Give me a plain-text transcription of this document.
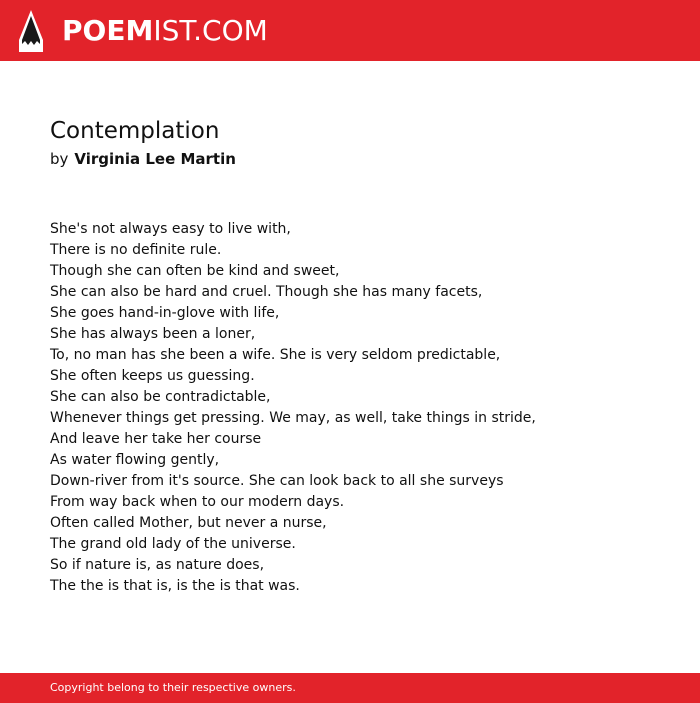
POEMIST.COM
Contemplation
by Virginia Lee Martin
She's not always easy to live with,
There is no definite rule.
Though she can often be kind and sweet,
She can also be hard and cruel. Though she has many facets,
She goes hand-in-glove with life,
She has always been a loner,
To, no man has she been a wife. She is very seldom predictable,
She often keeps us guessing.
She can also be contradictable,
Whenever things get pressing. We may, as well, take things in stride,
And leave her take her course
As water flowing gently,
Down-river from it's source. She can look back to all she surveys
From way back when to our modern days.
Often called Mother, but never a nurse,
The grand old lady of the universe.
So if nature is, as nature does,
The the is that is, is the is that was.
Copyright belong to their respective owners.
